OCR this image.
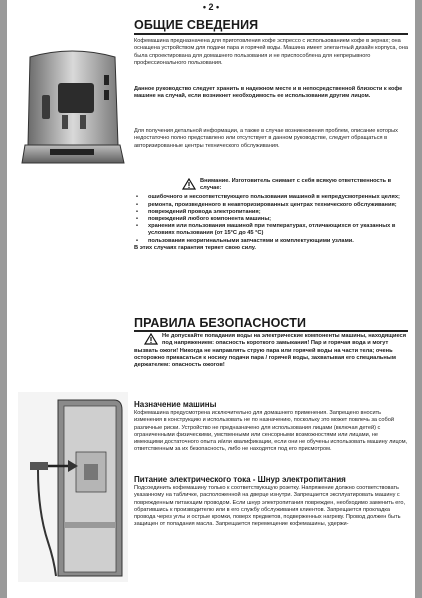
• 2 •
ОБЩИЕ СВЕДЕНИЯ

Кофемашина предназначена для приготовления кофе эспрессо с использованием кофе в зернах; она оснащена устройством для подачи пара и горячей воды. Машина имеет элегантный дизайн корпуса, она была спроектирована для домашнего пользования и не приспособлена для непрерывного профессионального пользования.

Данное руководство следует хранить в надежном месте и в непосредственной близости к кофе машине на случай, если возникнет необходимость ее использования другим лицом.

Для получения детальной информации, а также в случае возникновения проблем, описание которых недостаточно полно представлено или отсутствует в данном руководстве, следует обращаться в авторизированные центры технического обслуживания.

Внимание. Изготовитель снимает с себя всякую ответственность в случае:
• ошибочного и несоответствующего пользования машиной в непредусмотренных целях;
• ремонта, произведенного в неавторизированных центрах технического обслуживания;
• повреждений провода электропитания;
• повреждений любого компонента машины;
• хранения или пользования машиной при температурах, отличающихся от указанных в условиях пользования (от 15°С до 45 °С)
• пользования неоригинальными запчастями и комплектующими узлами.
В этих случаях гарантия теряет свою силу.
ПРАВИЛА БЕЗОПАСНОСТИ
Не допускайте попадания воды на электрические компоненты машины, находящиеся под напряжением: опасность короткого замыкания! Пар и горячая вода и могут вызвать ожоги! Никогда не направлять струю пара или горячей воды на части тела; очень осторожно прикасаться к носику подачи пара / горячей воды, захватывая его специальным держателем: опасность ожогов!
Назначение машины

Кофемашина предусмотрена исключительно для домашнего применения. Запрещено вносить изменения в конструкцию и использовать не по назначению, поскольку это может повлечь за собой различные риски. Устройство не предназначено для использования лицами (включая детей) с ограниченными физическими, умственными или сенсорными возможностями или лицами, не имеющими достаточного опыта и/или квалификации, если они не обучены использовать машину лицом, ответственным за их безопасность, либо не находятся под его присмотром.

Питание электрического тока - Шнур электропитания

Подсоединить кофемашину только к соответствующую розетку. Напряжение должно соответствовать указанному на табличке, расположенной на дверце изнутри. Запрещается эксплуатировать машину с поврежденным питающим проводом. Если шнур электропитания поврежден, необходимо заменить его, обратившись к производителю или в его службу обслуживания клиентов. Запрещается прокладка провода через углы и острые кромки, поверх предметов, подверженных нагреву. Провод должен быть защищен от попадания масла. Запрещается перемещение кофемашины, удержи-
